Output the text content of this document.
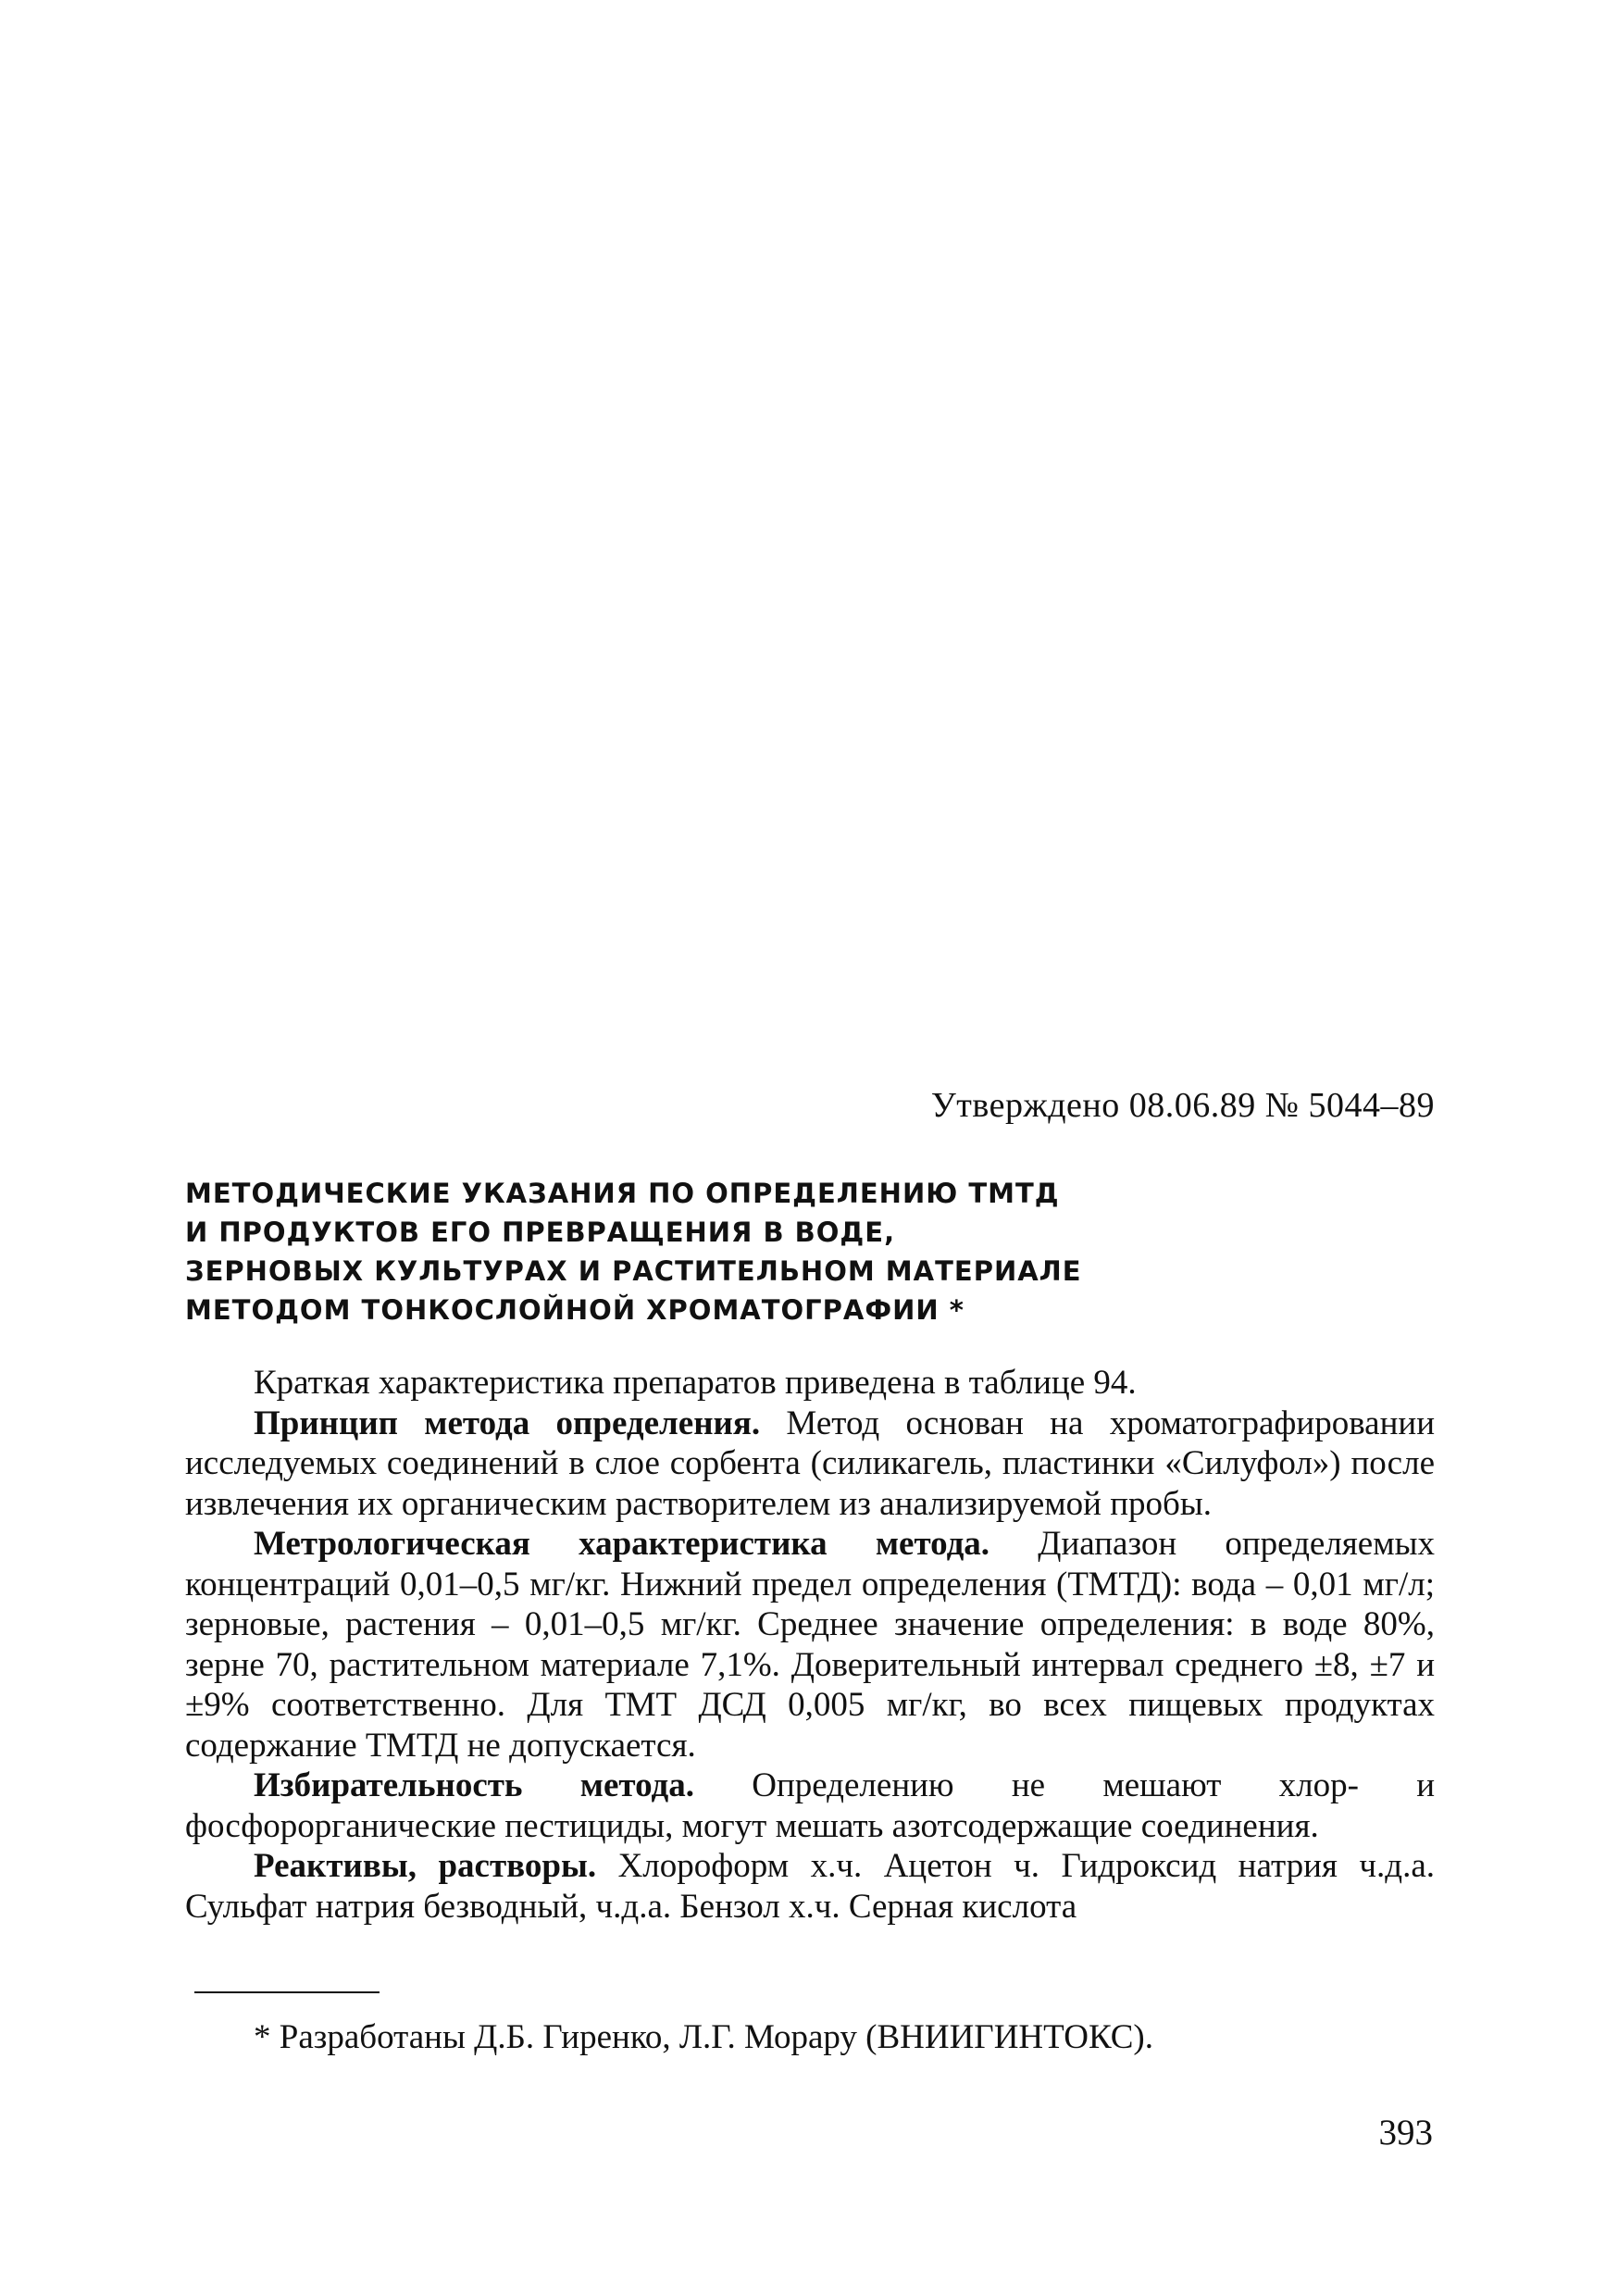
Утверждено 08.06.89 № 5044–89
МЕТОДИЧЕСКИЕ УКАЗАНИЯ ПО ОПРЕДЕЛЕНИЮ ТМТД
И ПРОДУКТОВ ЕГО ПРЕВРАЩЕНИЯ В ВОДЕ,
ЗЕРНОВЫХ КУЛЬТУРАХ И РАСТИТЕЛЬНОМ МАТЕРИАЛЕ
МЕТОДОМ ТОНКОСЛОЙНОЙ ХРОМАТОГРАФИИ *

Краткая характеристика препаратов приведена в таблице 94.

Принцип метода определения. Метод основан на хроматографировании исследуемых соединений в слое сорбента (силикагель, пластинки «Силуфол») после извлечения их органическим растворителем из анализируемой пробы.

Метрологическая характеристика метода. Диапазон определяемых концентраций 0,01–0,5 мг/кг. Нижний предел определения (ТМТД): вода – 0,01 мг/л; зерновые, растения – 0,01–0,5 мг/кг. Среднее значение определения: в воде 80%, зерне 70, растительном материале 7,1%. Доверительный интервал среднего ±8, ±7 и ±9% соответственно. Для ТМТ ДСД 0,005 мг/кг, во всех пищевых продуктах содержание ТМТД не допускается.

Избирательность метода. Определению не мешают хлор- и фосфорорганические пестициды, могут мешать азотсодержащие соединения.

Реактивы, растворы. Хлороформ х.ч. Ацетон ч. Гидроксид натрия ч.д.а. Сульфат натрия безводный, ч.д.а. Бензол х.ч. Серная кислота

* Разработаны Д.Б. Гиренко, Л.Г. Морару (ВНИИГИНТОКС).
393
